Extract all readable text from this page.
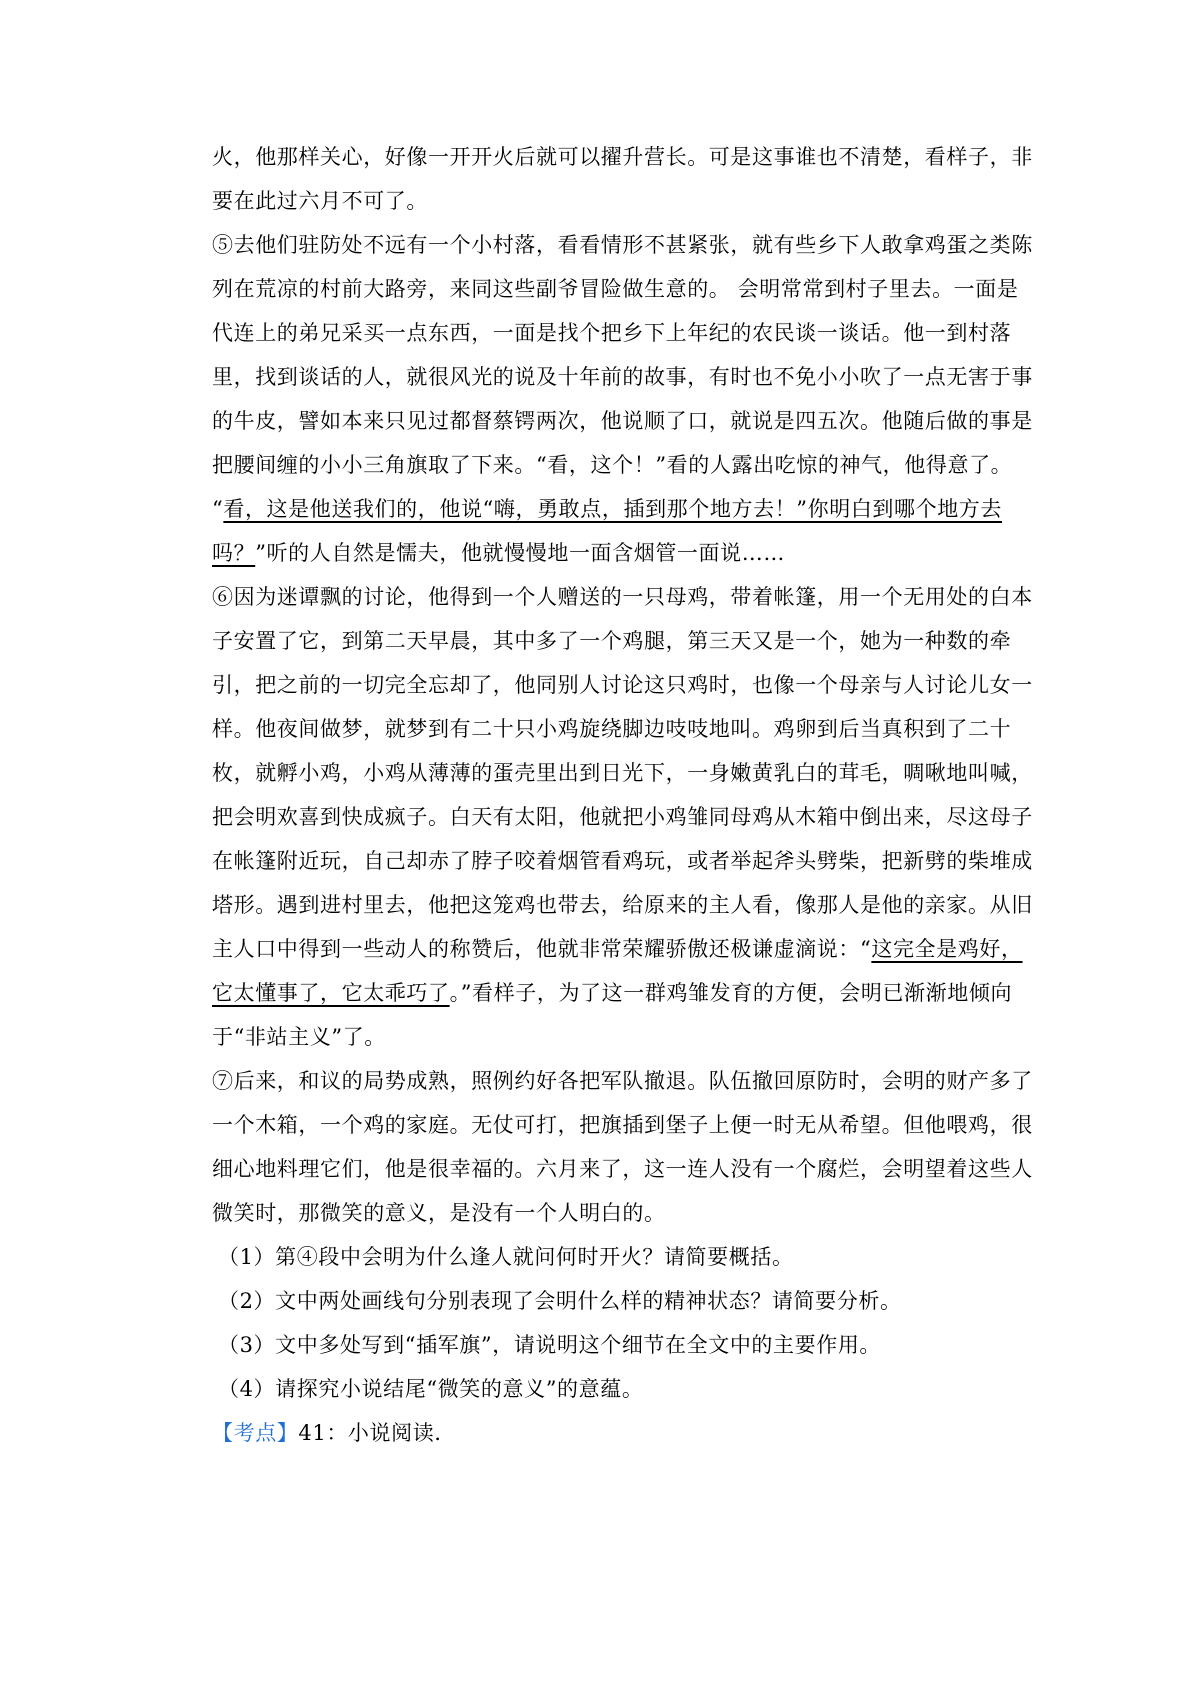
火，他那样关心，好像一开开火后就可以擢升营长。可是这事谁也不清楚，看样子，非
要在此过六月不可了。
⑤去他们驻防处不远有一个小村落，看看情形不甚紧张，就有些乡下人敢拿鸡蛋之类陈
列在荒凉的村前大路旁，来同这些副爷冒险做生意的。 会明常常到村子里去。一面是
代连上的弟兄采买一点东西，一面是找个把乡下上年纪的农民谈一谈话。他一到村落
里，找到谈话的人，就很风光的说及十年前的故事，有时也不免小小吹了一点无害于事
的牛皮，譬如本来只见过都督蔡锷两次，他说顺了口，就说是四五次。他随后做的事是
把腰间缠的小小三角旗取了下来。“看，这个！”看的人露出吃惊的神气，他得意了。
“看，这是他送我们的，他说“嗨，勇敢点，插到那个地方去！”你明白到哪个地方去
吗？”听的人自然是懦夫，他就慢慢地一面含烟管一面说……
⑥因为迷谭飘的讨论，他得到一个人赠送的一只母鸡，带着帐篷，用一个无用处的白本
子安置了它，到第二天早晨，其中多了一个鸡腿，第三天又是一个，她为一种数的牵
引，把之前的一切完全忘却了，他同别人讨论这只鸡时，也像一个母亲与人讨论儿女一
样。他夜间做梦，就梦到有二十只小鸡旋绕脚边吱吱地叫。鸡卵到后当真积到了二十
枚，就孵小鸡，小鸡从薄薄的蛋壳里出到日光下，一身嫩黄乳白的茸毛，啁啾地叫喊，
把会明欢喜到快成疯子。白天有太阳，他就把小鸡雏同母鸡从木箱中倒出来，尽这母子
在帐篷附近玩，自己却赤了脖子咬着烟管看鸡玩，或者举起斧头劈柴，把新劈的柴堆成
塔形。遇到进村里去，他把这笼鸡也带去，给原来的主人看，像那人是他的亲家。从旧
主人口中得到一些动人的称赞后，他就非常荣耀骄傲还极谦虚滴说：“这完全是鸡好，
它太懂事了，它太乖巧了。”看样子，为了这一群鸡雏发育的方便，会明已渐渐地倾向
于“非站主义”了。
⑦后来，和议的局势成熟，照例约好各把军队撤退。队伍撤回原防时，会明的财产多了
一个木箱，一个鸡的家庭。无仗可打，把旗插到堡子上便一时无从希望。但他喂鸡，很
细心地料理它们，他是很幸福的。六月来了，这一连人没有一个腐烂，会明望着这些人
微笑时，那微笑的意义，是没有一个人明白的。
（1）第④段中会明为什么逢人就问何时开火？请简要概括。
（2）文中两处画线句分别表现了会明什么样的精神状态？请简要分析。
（3）文中多处写到“插军旗”，请说明这个细节在全文中的主要作用。
（4）请探究小说结尾“微笑的意义”的意蕴。
【考点】41：小说阅读．
